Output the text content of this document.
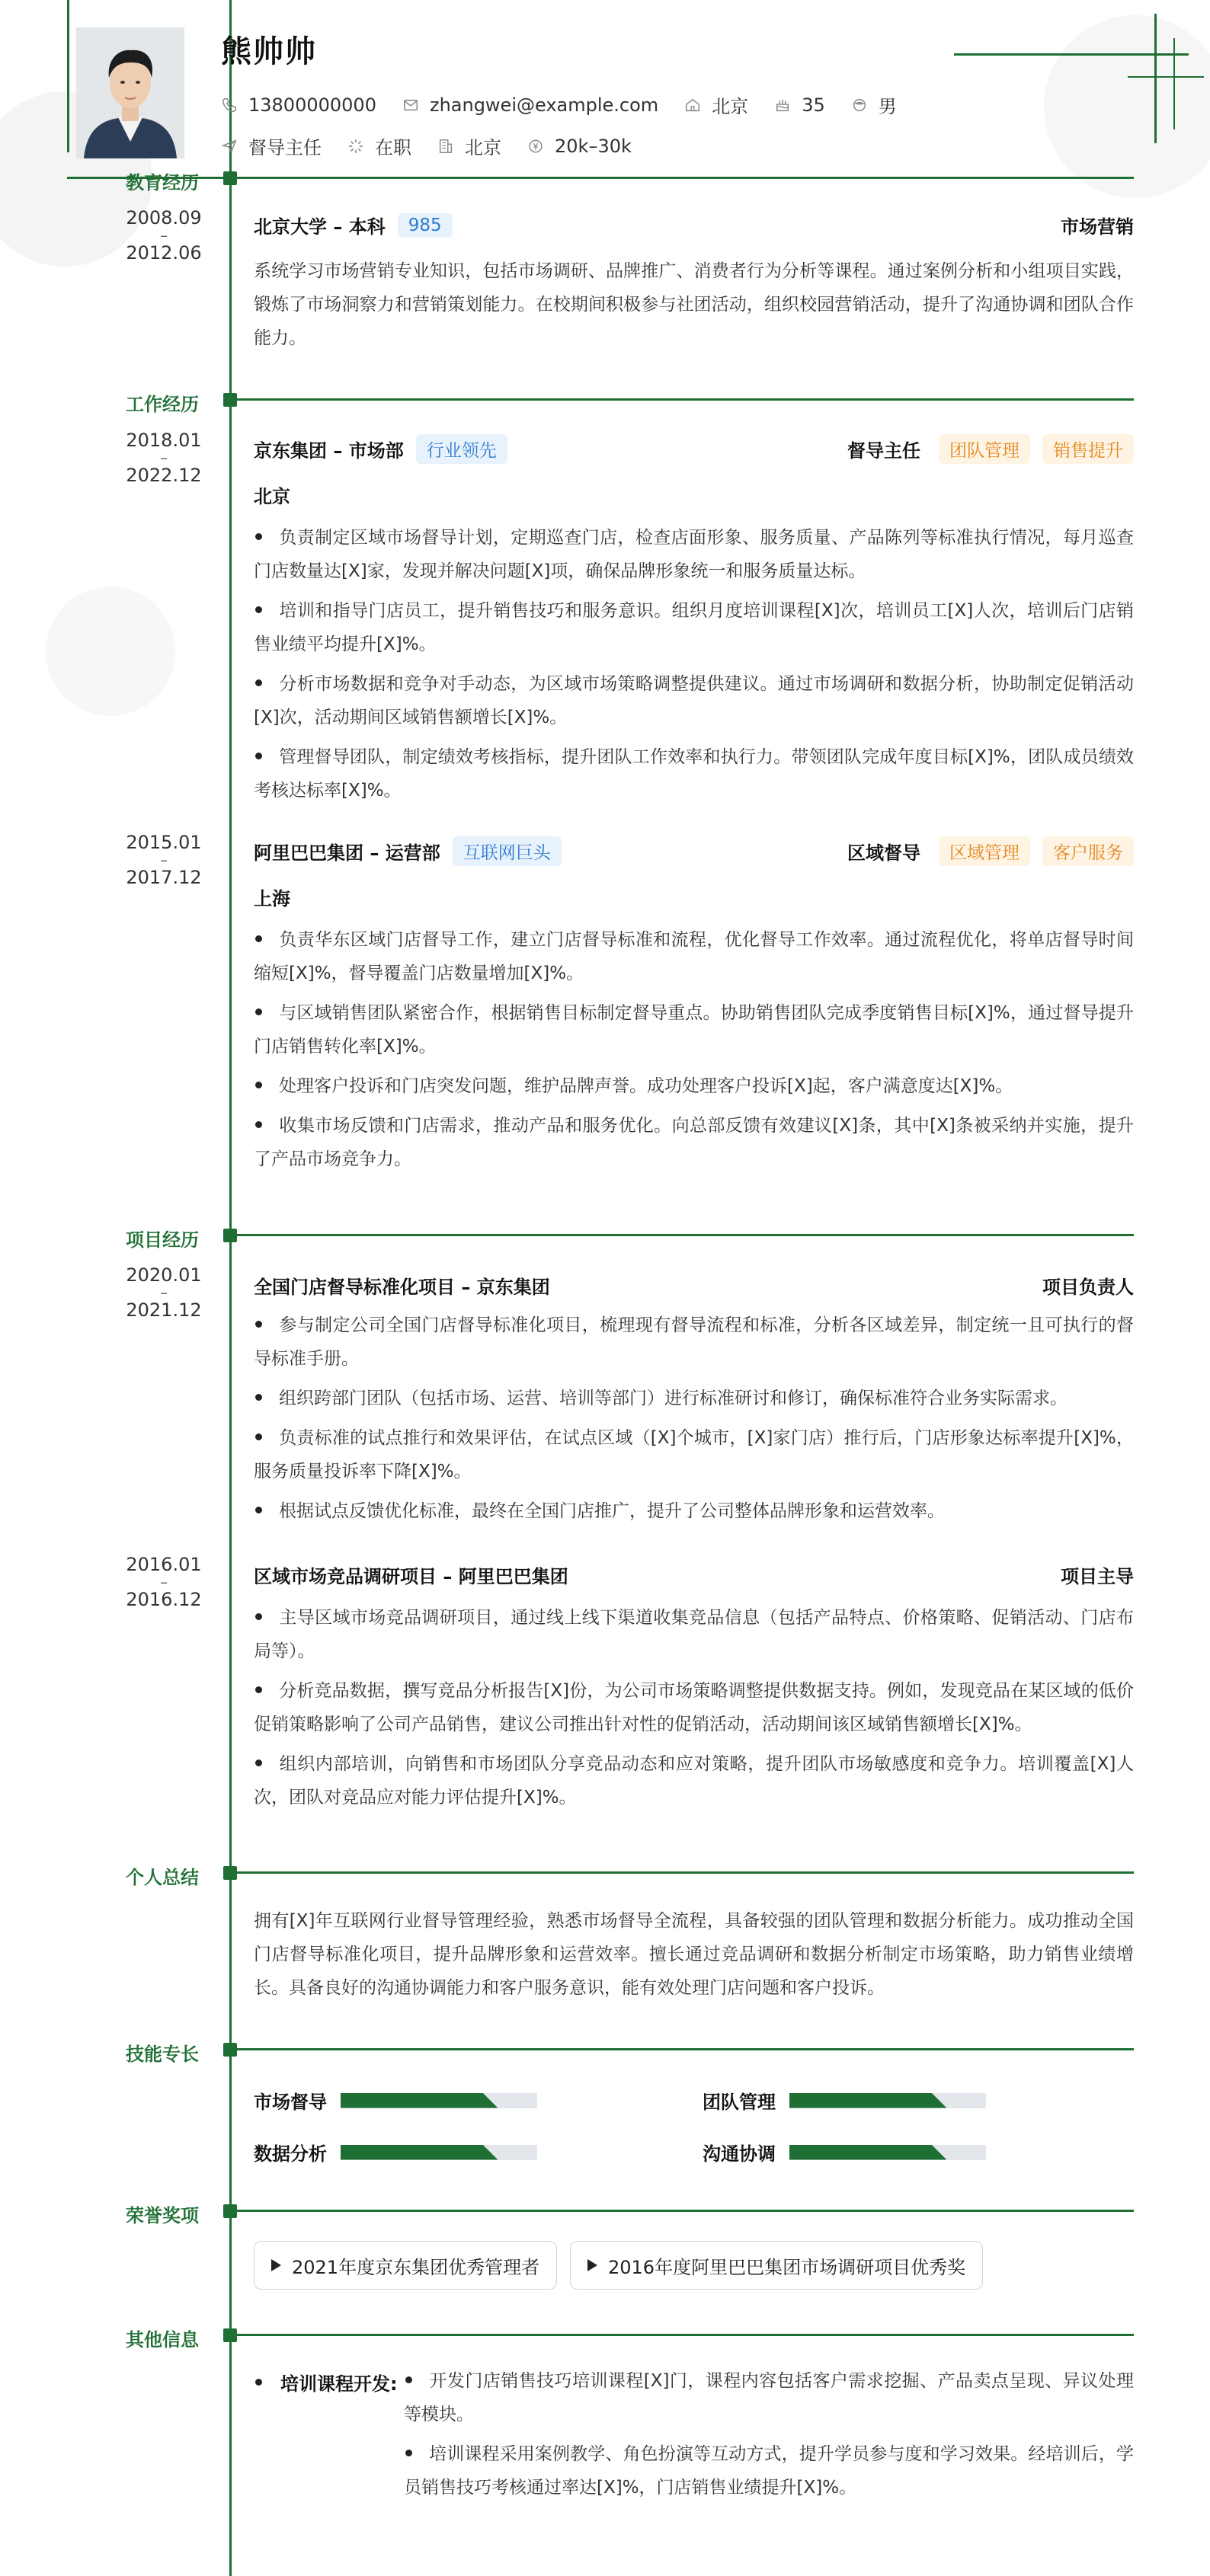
熊帅帅
13800000000	zhangwei@example.com	北京	35	男
督导主任	在职	北京	20k–30k
教育经历
2008.09
–
2012.06
北京大学 – 本科	985	市场营销
系统学习市场营销专业知识，包括市场调研、品牌推广、消费者行为分析等课程。通过案例分析和小组项目实践，锻炼了市场洞察力和营销策划能力。在校期间积极参与社团活动，组织校园营销活动，提升了沟通协调和团队合作能力。
工作经历
2018.01
–
2022.12
京东集团 – 市场部	行业领先	督导主任	团队管理	销售提升
北京
负责制定区域市场督导计划，定期巡查门店，检查店面形象、服务质量、产品陈列等标准执行情况，每月巡查门店数量达[X]家，发现并解决问题[X]项，确保品牌形象统一和服务质量达标。
培训和指导门店员工，提升销售技巧和服务意识。组织月度培训课程[X]次，培训员工[X]人次，培训后门店销售业绩平均提升[X]%。
分析市场数据和竞争对手动态，为区域市场策略调整提供建议。通过市场调研和数据分析，协助制定促销活动[X]次，活动期间区域销售额增长[X]%。
管理督导团队，制定绩效考核指标，提升团队工作效率和执行力。带领团队完成年度目标[X]%，团队成员绩效考核达标率[X]%。
2015.01
–
2017.12
阿里巴巴集团 – 运营部	互联网巨头	区域督导	区域管理	客户服务
上海
负责华东区域门店督导工作，建立门店督导标准和流程，优化督导工作效率。通过流程优化，将单店督导时间缩短[X]%，督导覆盖门店数量增加[X]%。
与区域销售团队紧密合作，根据销售目标制定督导重点。协助销售团队完成季度销售目标[X]%，通过督导提升门店销售转化率[X]%。
处理客户投诉和门店突发问题，维护品牌声誉。成功处理客户投诉[X]起，客户满意度达[X]%。
收集市场反馈和门店需求，推动产品和服务优化。向总部反馈有效建议[X]条，其中[X]条被采纳并实施，提升了产品市场竞争力。
项目经历
2020.01
–
2021.12
全国门店督导标准化项目 – 京东集团	项目负责人
参与制定公司全国门店督导标准化项目，梳理现有督导流程和标准，分析各区域差异，制定统一且可执行的督导标准手册。
组织跨部门团队（包括市场、运营、培训等部门）进行标准研讨和修订，确保标准符合业务实际需求。
负责标准的试点推行和效果评估，在试点区域（[X]个城市，[X]家门店）推行后，门店形象达标率提升[X]%，服务质量投诉率下降[X]%。
根据试点反馈优化标准，最终在全国门店推广，提升了公司整体品牌形象和运营效率。
2016.01
–
2016.12
区域市场竞品调研项目 – 阿里巴巴集团	项目主导
主导区域市场竞品调研项目，通过线上线下渠道收集竞品信息（包括产品特点、价格策略、促销活动、门店布局等）。
分析竞品数据，撰写竞品分析报告[X]份，为公司市场策略调整提供数据支持。例如，发现竞品在某区域的低价促销策略影响了公司产品销售，建议公司推出针对性的促销活动，活动期间该区域销售额增长[X]%。
组织内部培训，向销售和市场团队分享竞品动态和应对策略，提升团队市场敏感度和竞争力。培训覆盖[X]人次，团队对竞品应对能力评估提升[X]%。
个人总结
拥有[X]年互联网行业督导管理经验，熟悉市场督导全流程，具备较强的团队管理和数据分析能力。成功推动全国门店督导标准化项目，提升品牌形象和运营效率。擅长通过竞品调研和数据分析制定市场策略，助力销售业绩增长。具备良好的沟通协调能力和客户服务意识，能有效处理门店问题和客户投诉。
技能专长
市场督导	团队管理
数据分析	沟通协调
荣誉奖项
2021年度京东集团优秀管理者	2016年度阿里巴巴集团市场调研项目优秀奖
其他信息
培训课程开发:	开发门店销售技巧培训课程[X]门，课程内容包括客户需求挖掘、产品卖点呈现、异议处理等模块。
培训课程采用案例教学、角色扮演等互动方式，提升学员参与度和学习效果。经培训后，学员销售技巧考核通过率达[X]%，门店销售业绩提升[X]%。
